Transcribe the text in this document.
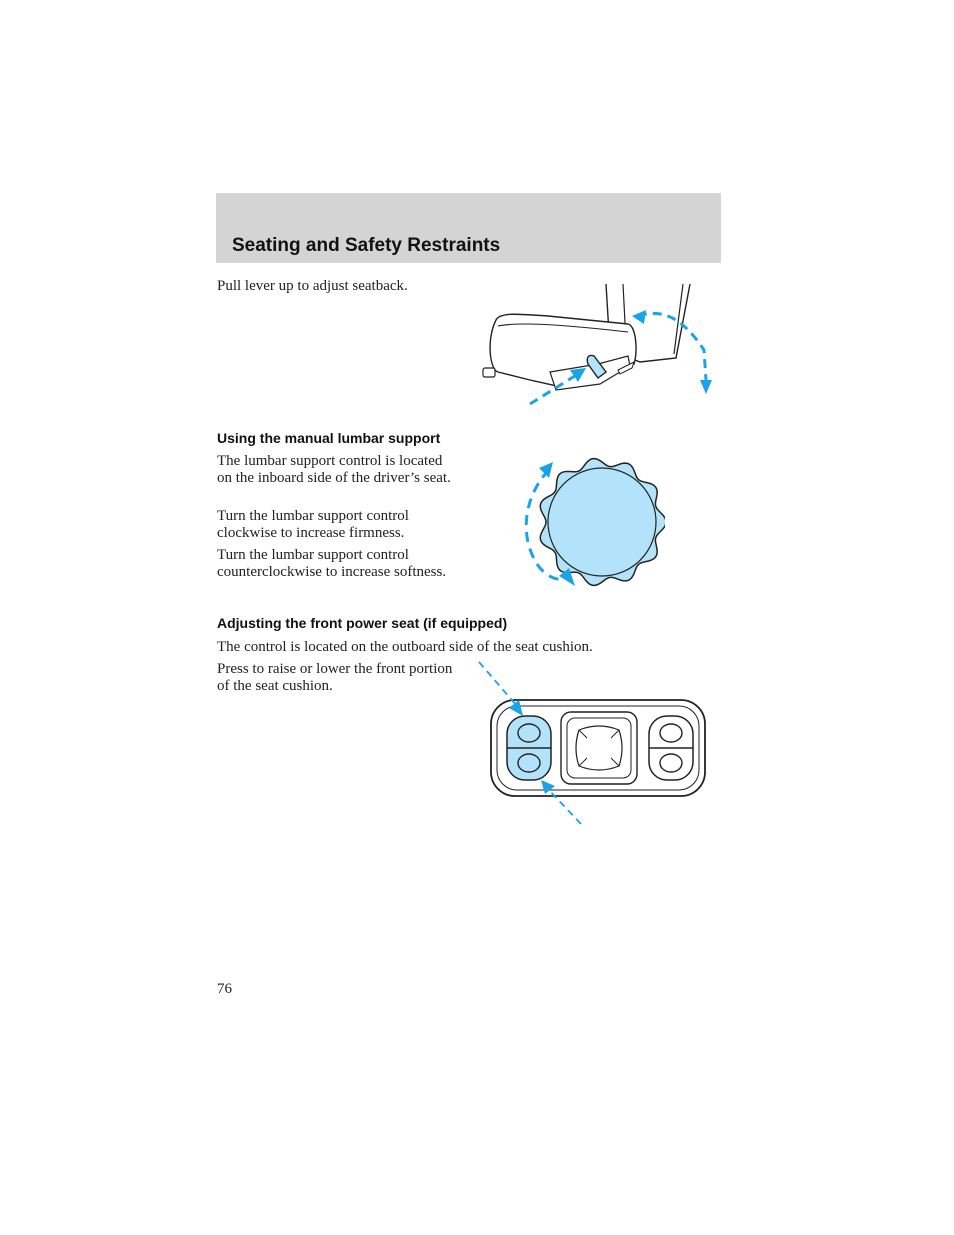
Seating and Safety Restraints
Pull lever up to adjust seatback.
Using the manual lumbar support
The lumbar support control is located on the inboard side of the driver’s seat.
Turn the lumbar support control clockwise to increase firmness.
Turn the lumbar support control counterclockwise to increase softness.
Adjusting the front power seat (if equipped)
The control is located on the outboard side of the seat cushion.
Press to raise or lower the front portion of the seat cushion.
76
